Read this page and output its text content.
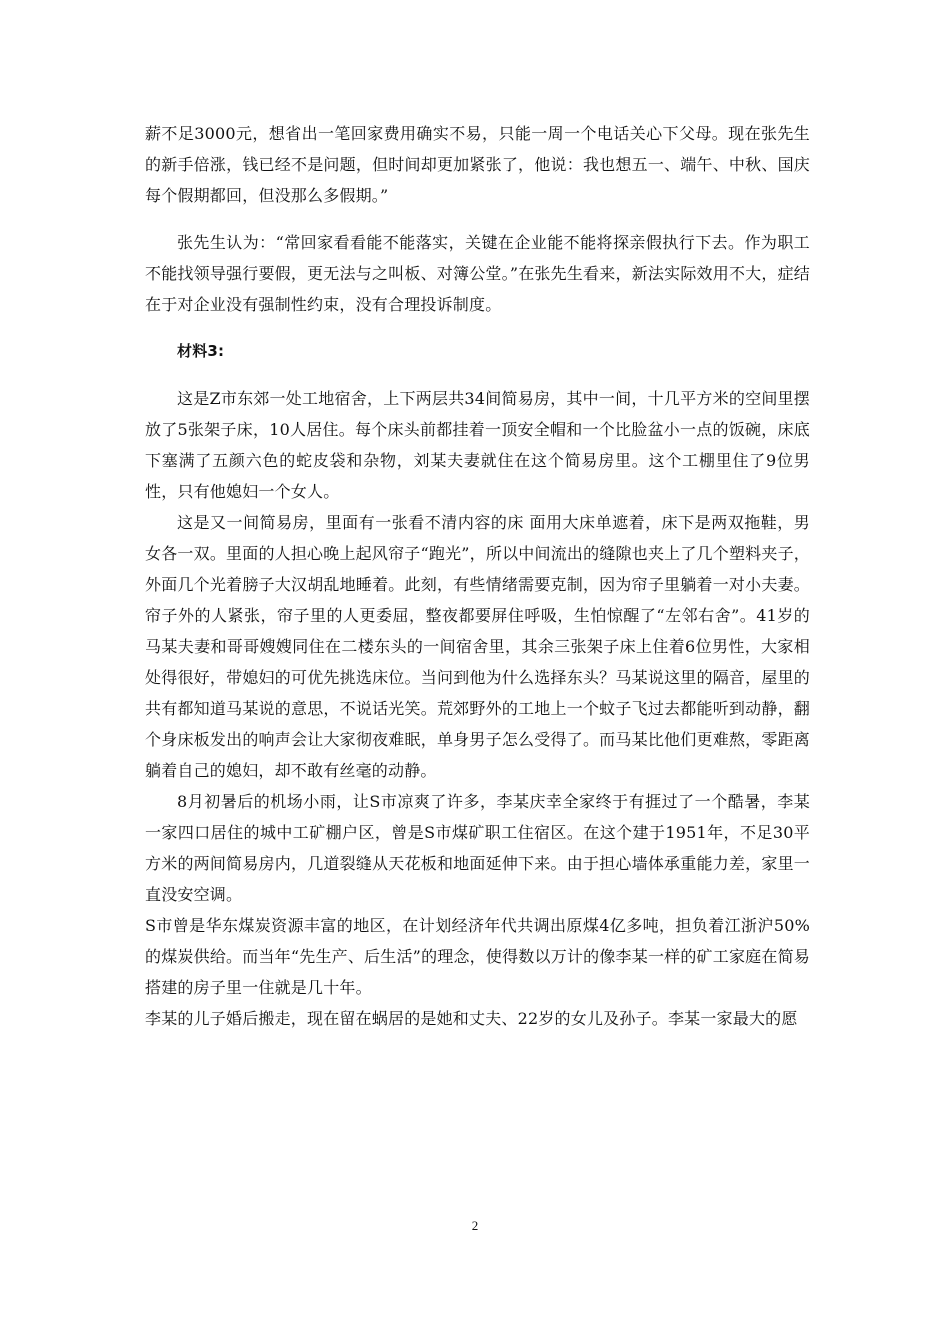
薪不足3000元，想省出一笔回家费用确实不易，只能一周一个电话关心下父母。现在张先生的新手倍涨，钱已经不是问题，但时间却更加紧张了，他说：我也想五一、端午、中秋、国庆每个假期都回，但没那么多假期。”

张先生认为：“常回家看看能不能落实，关键在企业能不能将探亲假执行下去。作为职工不能找领导强行要假，更无法与之叫板、对簿公堂。”在张先生看来，新法实际效用不大，症结在于对企业没有强制性约束，没有合理投诉制度。

材料3:

这是Z市东郊一处工地宿舍，上下两层共34间简易房，其中一间，十几平方米的空间里摆放了5张架子床，10人居住。每个床头前都挂着一顶安全帽和一个比脸盆小一点的饭碗，床底下塞满了五颜六色的蛇皮袋和杂物，刘某夫妻就住在这个简易房里。这个工棚里住了9位男性，只有他媳妇一个女人。

这是又一间简易房，里面有一张看不清内容的床 面用大床单遮着，床下是两双拖鞋，男女各一双。里面的人担心晚上起风帘子“跑光”，所以中间流出的缝隙也夹上了几个塑料夹子，外面几个光着膀子大汉胡乱地睡着。此刻，有些情绪需要克制，因为帘子里躺着一对小夫妻。帘子外的人紧张，帘子里的人更委屈，整夜都要屏住呼吸，生怕惊醒了“左邻右舍”。41岁的马某夫妻和哥哥嫂嫂同住在二楼东头的一间宿舍里，其余三张架子床上住着6位男性，大家相处得很好，带媳妇的可优先挑选床位。当问到他为什么选择东头？马某说这里的隔音，屋里的共有都知道马某说的意思，不说话光笑。荒郊野外的工地上一个蚊子飞过去都能听到动静，翻个身床板发出的响声会让大家彻夜难眠，单身男子怎么受得了。而马某比他们更难熬，零距离躺着自己的媳妇，却不敢有丝毫的动静。

8月初暑后的机场小雨，让S市凉爽了许多，李某庆幸全家终于有捱过了一个酷暑，李某一家四口居住的城中工矿棚户区，曾是S市煤矿职工住宿区。在这个建于1951年，不足30平方米的两间简易房内，几道裂缝从天花板和地面延伸下来。由于担心墙体承重能力差，家里一直没安空调。

S市曾是华东煤炭资源丰富的地区，在计划经济年代共调出原煤4亿多吨，担负着江浙沪50%的煤炭供给。而当年“先生产、后生活”的理念，使得数以万计的像李某一样的矿工家庭在简易搭建的房子里一住就是几十年。

李某的儿子婚后搬走，现在留在蜗居的是她和丈夫、22岁的女儿及孙子。李某一家最大的愿

2
